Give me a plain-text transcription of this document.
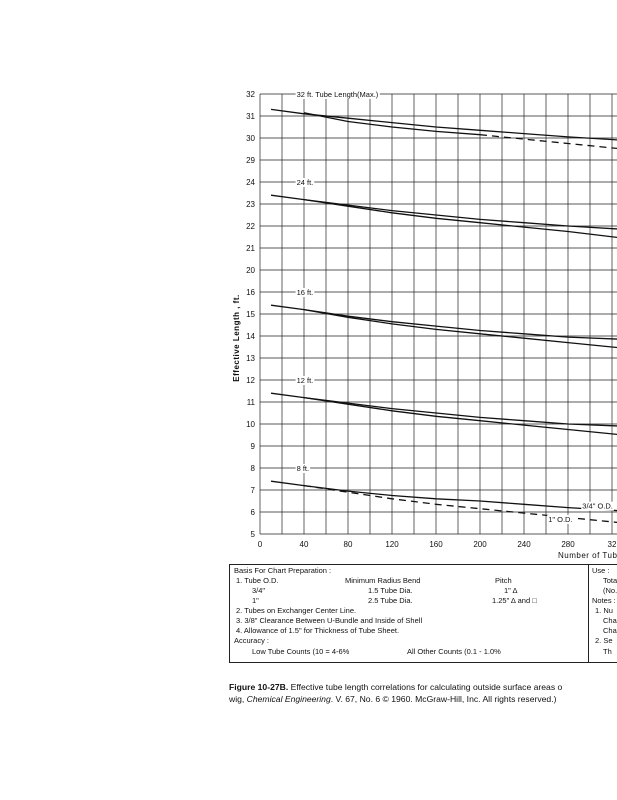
32
31
30
29
24
23
22
21
20
16
15
14
13
12
11
10
9
8
7
6
5
0	40	80	120	160	200	240	280	32
32 ft. Tube Length(Max.)
24 ft.
16 ft.
12 ft.
8 ft.
3/4" O.D.
1" O.D.
Effective Length , ft.
Number of Tub
Basis For Chart Preparation :
1. Tube O.D.	Minimum Radius Bend	Pitch
3/4"	1.5 Tube Dia.	1" Δ
1"	2.5 Tube Dia.	1.25" Δ and □
2. Tubes on Exchanger Center Line.
3. 3/8" Clearance Between U-Bundle and Inside of Shell
4. Allowance of 1.5" for Thickness of Tube Sheet.
Accuracy :
Low Tube Counts (10 = 4-6%	All Other Counts (0.1 - 1.0%
Use :
Tota
(No.
Notes :
1. Nu
Cha
Cha
2. Se
Th
Figure 10-27B. Effective tube length correlations for calculating outside surface areas o
wig, Chemical Engineering. V. 67, No. 6 © 1960. McGraw-Hill, Inc. All rights reserved.)
